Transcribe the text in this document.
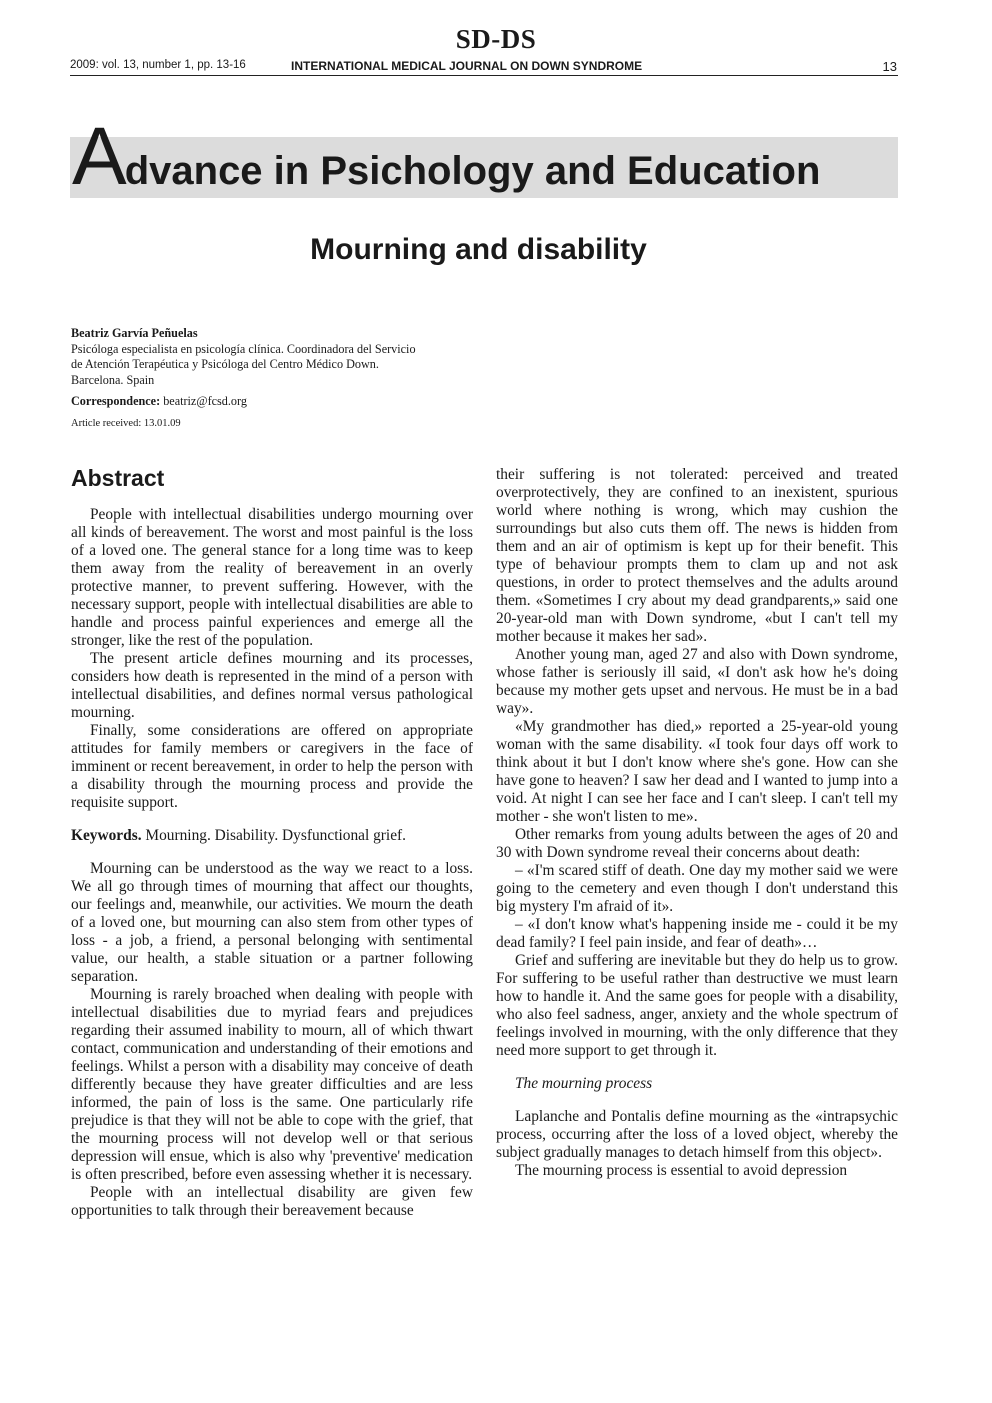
SD-DS
2009: vol. 13, number 1, pp. 13-16	INTERNATIONAL MEDICAL JOURNAL ON DOWN SYNDROME	13
Advance in Psichology and Education
Mourning and disability
Beatriz Garvía Peñuelas
Psicóloga especialista en psicología clínica. Coordinadora del Servicio
de Atención Terapéutica y Psicóloga del Centro Médico Down.
Barcelona. Spain
Correspondence: beatriz@fcsd.org
Article received: 13.01.09
Abstract

People with intellectual disabilities undergo mourning over all kinds of bereavement. The worst and most painful is the loss of a loved one. The general stance for a long time was to keep them away from the reality of bereavement in an overly protective manner, to prevent suffering. However, with the necessary support, people with intellectual disabilities are able to handle and process painful experiences and emerge all the stronger, like the rest of the population.

The present article defines mourning and its processes, considers how death is represented in the mind of a person with intellectual disabilities, and defines normal versus pathological mourning.

Finally, some considerations are offered on appropriate attitudes for family members or caregivers in the face of imminent or recent bereavement, in order to help the person with a disability through the mourning process and provide the requisite support.

Keywords. Mourning. Disability. Dysfunctional grief.

Mourning can be understood as the way we react to a loss. We all go through times of mourning that affect our thoughts, our feelings and, meanwhile, our activities. We mourn the death of a loved one, but mourning can also stem from other types of loss - a job, a friend, a personal belonging with sentimental value, our health, a stable situation or a partner following separation.

Mourning is rarely broached when dealing with people with intellectual disabilities due to myriad fears and prejudices regarding their assumed inability to mourn, all of which thwart contact, communication and understanding of their emotions and feelings. Whilst a person with a disability may conceive of death differently because they have greater difficulties and are less informed, the pain of loss is the same. One particularly rife prejudice is that they will not be able to cope with the grief, that the mourning process will not develop well or that serious depression will ensue, which is also why 'preventive' medication is often prescribed, before even assessing whether it is necessary.

People with an intellectual disability are given few opportunities to talk through their bereavement because

their suffering is not tolerated: perceived and treated overprotectively, they are confined to an inexistent, spurious world where nothing is wrong, which may cushion the surroundings but also cuts them off. The news is hidden from them and an air of optimism is kept up for their benefit. This type of behaviour prompts them to clam up and not ask questions, in order to protect themselves and the adults around them. «Sometimes I cry about my dead grandparents,» said one 20-year-old man with Down syndrome, «but I can't tell my mother because it makes her sad».

Another young man, aged 27 and also with Down syndrome, whose father is seriously ill said, «I don't ask how he's doing because my mother gets upset and nervous. He must be in a bad way».

«My grandmother has died,» reported a 25-year-old young woman with the same disability. «I took four days off work to think about it but I don't know where she's gone. How can she have gone to heaven? I saw her dead and I wanted to jump into a void. At night I can see her face and I can't sleep. I can't tell my mother - she won't listen to me».

Other remarks from young adults between the ages of 20 and 30 with Down syndrome reveal their concerns about death:

– «I'm scared stiff of death. One day my mother said we were going to the cemetery and even though I don't understand this big mystery I'm afraid of it».

– «I don't know what's happening inside me - could it be my dead family? I feel pain inside, and fear of death»…

Grief and suffering are inevitable but they do help us to grow. For suffering to be useful rather than destructive we must learn how to handle it. And the same goes for people with a disability, who also feel sadness, anger, anxiety and the whole spectrum of feelings involved in mourning, with the only difference that they need more support to get through it.

The mourning process

Laplanche and Pontalis define mourning as the «intrapsychic process, occurring after the loss of a loved object, whereby the subject gradually manages to detach himself from this object».

The mourning process is essential to avoid depression
